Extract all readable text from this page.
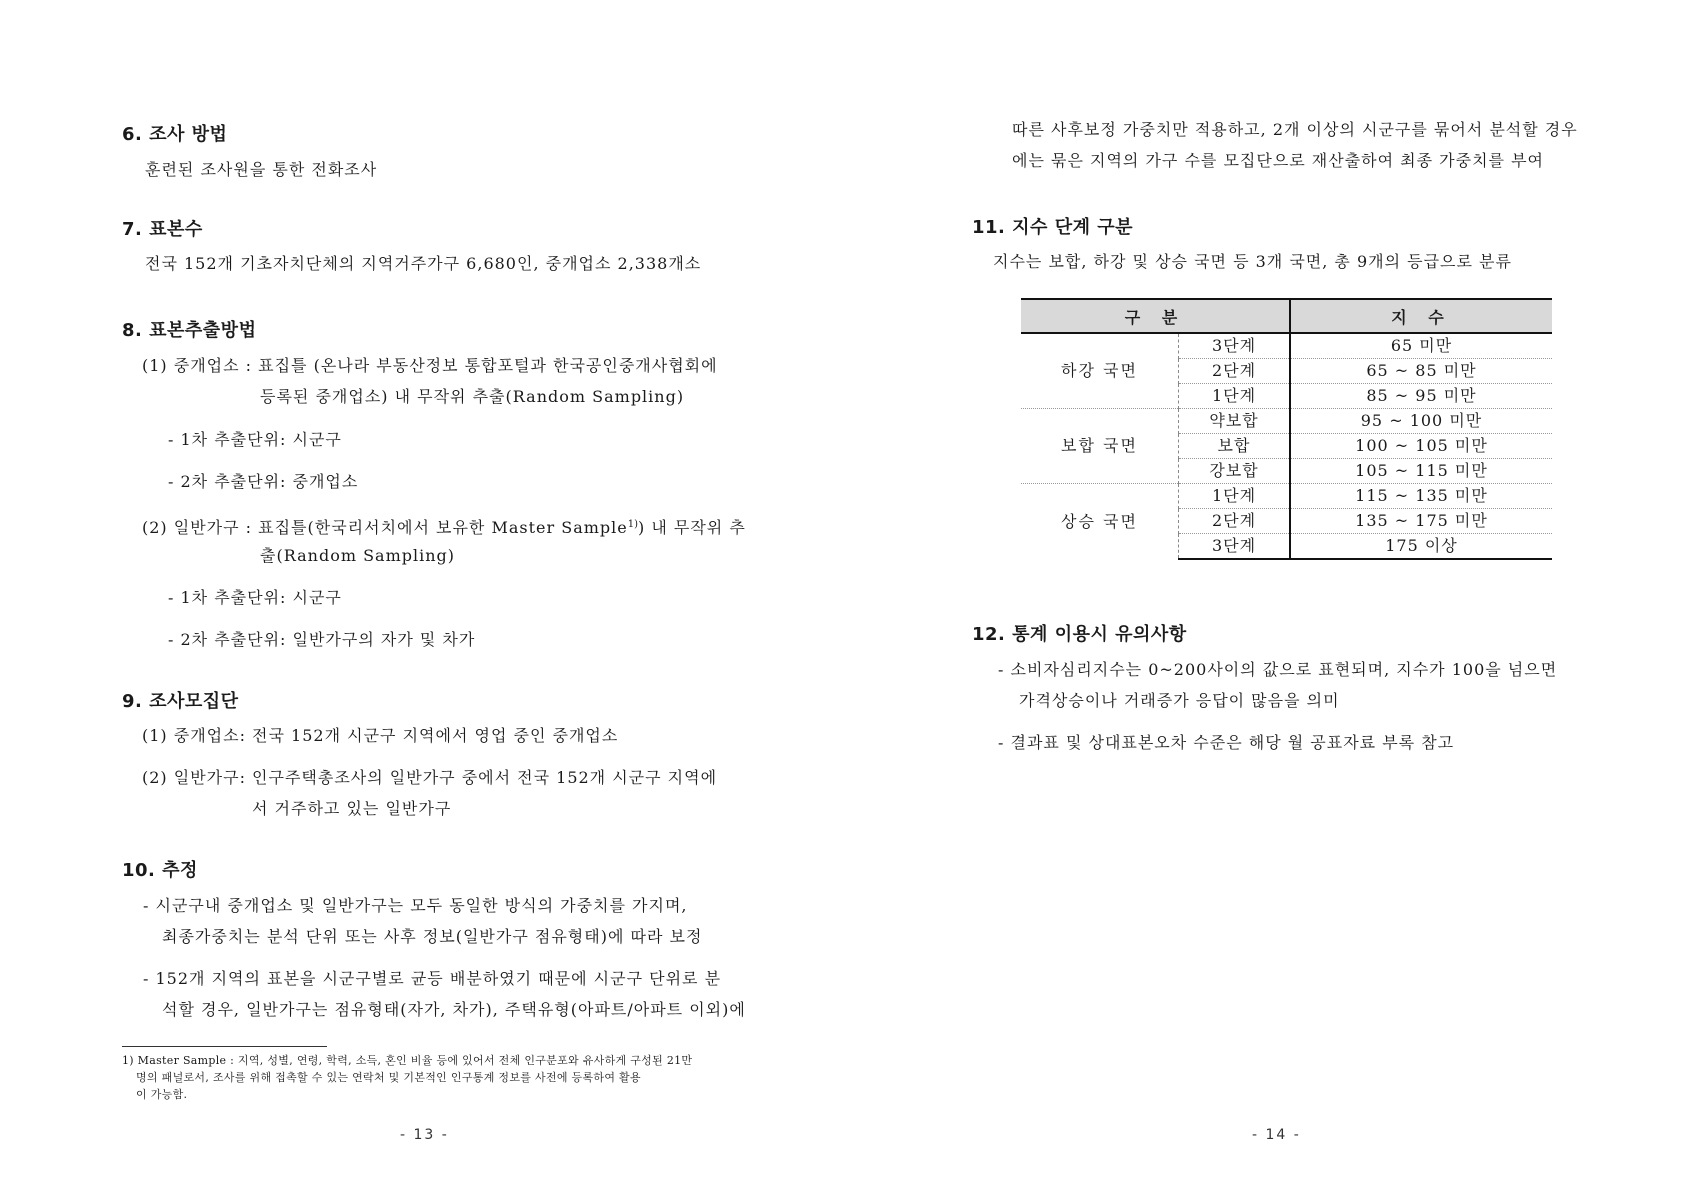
6. 조사 방법
훈련된 조사원을 통한 전화조사
7. 표본수
전국 152개 기초자치단체의 지역거주가구 6,680인, 중개업소 2,338개소
8. 표본추출방법
(1) 중개업소 : 표집틀 (온나라 부동산정보 통합포털과 한국공인중개사협회에
등록된 중개업소) 내 무작위 추출(Random Sampling)
- 1차 추출단위: 시군구
- 2차 추출단위: 중개업소
(2) 일반가구 : 표집틀(한국리서치에서 보유한 Master Sample$^{1)}$) 내 무작위 추
출(Random Sampling)
- 1차 추출단위: 시군구
- 2차 추출단위: 일반가구의 자가 및 차가
9. 조사모집단
(1) 중개업소: 전국 152개 시군구 지역에서 영업 중인 중개업소
(2) 일반가구: 인구주택총조사의 일반가구 중에서 전국 152개 시군구 지역에
서 거주하고 있는 일반가구
10. 추정
- 시군구내 중개업소 및 일반가구는 모두 동일한 방식의 가중치를 가지며,
최종가중치는 분석 단위 또는 사후 정보(일반가구 점유형태)에 따라 보정
- 152개 지역의 표본을 시군구별로 균등 배분하였기 때문에 시군구 단위로 분
석할 경우, 일반가구는 점유형태(자가, 차가), 주택유형(아파트/아파트 이외)에
1) Master Sample : 지역, 성별, 연령, 학력, 소득, 혼인 비율 등에 있어서 전체 인구분포와 유사하게 구성된 21만
명의 패널로서, 조사를 위해 접촉할 수 있는 연락처 및 기본적인 인구통계 정보를 사전에 등록하여 활용
이 가능함.
- 13 -
따른 사후보정 가중치만 적용하고, 2개 이상의 시군구를 묶어서 분석할 경우
에는 묶은 지역의 가구 수를 모집단으로 재산출하여 최종 가중치를 부여
11. 지수 단계 구분
지수는 보합, 하강 및 상승 국면 등 3개 국면, 총 9개의 등급으로 분류
구 분		지 수
하강 국면	3단계	65 미만
	2단계	65 ~ 85 미만
	1단계	85 ~ 95 미만
보합 국면	약보합	95 ~ 100 미만
	보합	100 ~ 105 미만
	강보합	105 ~ 115 미만
상승 국면	1단계	115 ~ 135 미만
	2단계	135 ~ 175 미만
	3단계	175 이상
12. 통계 이용시 유의사항
- 소비자심리지수는 0~200사이의 값으로 표현되며, 지수가 100을 넘으면
가격상승이나 거래증가 응답이 많음을 의미
- 결과표 및 상대표본오차 수준은 해당 월 공표자료 부록 참고
- 14 -
